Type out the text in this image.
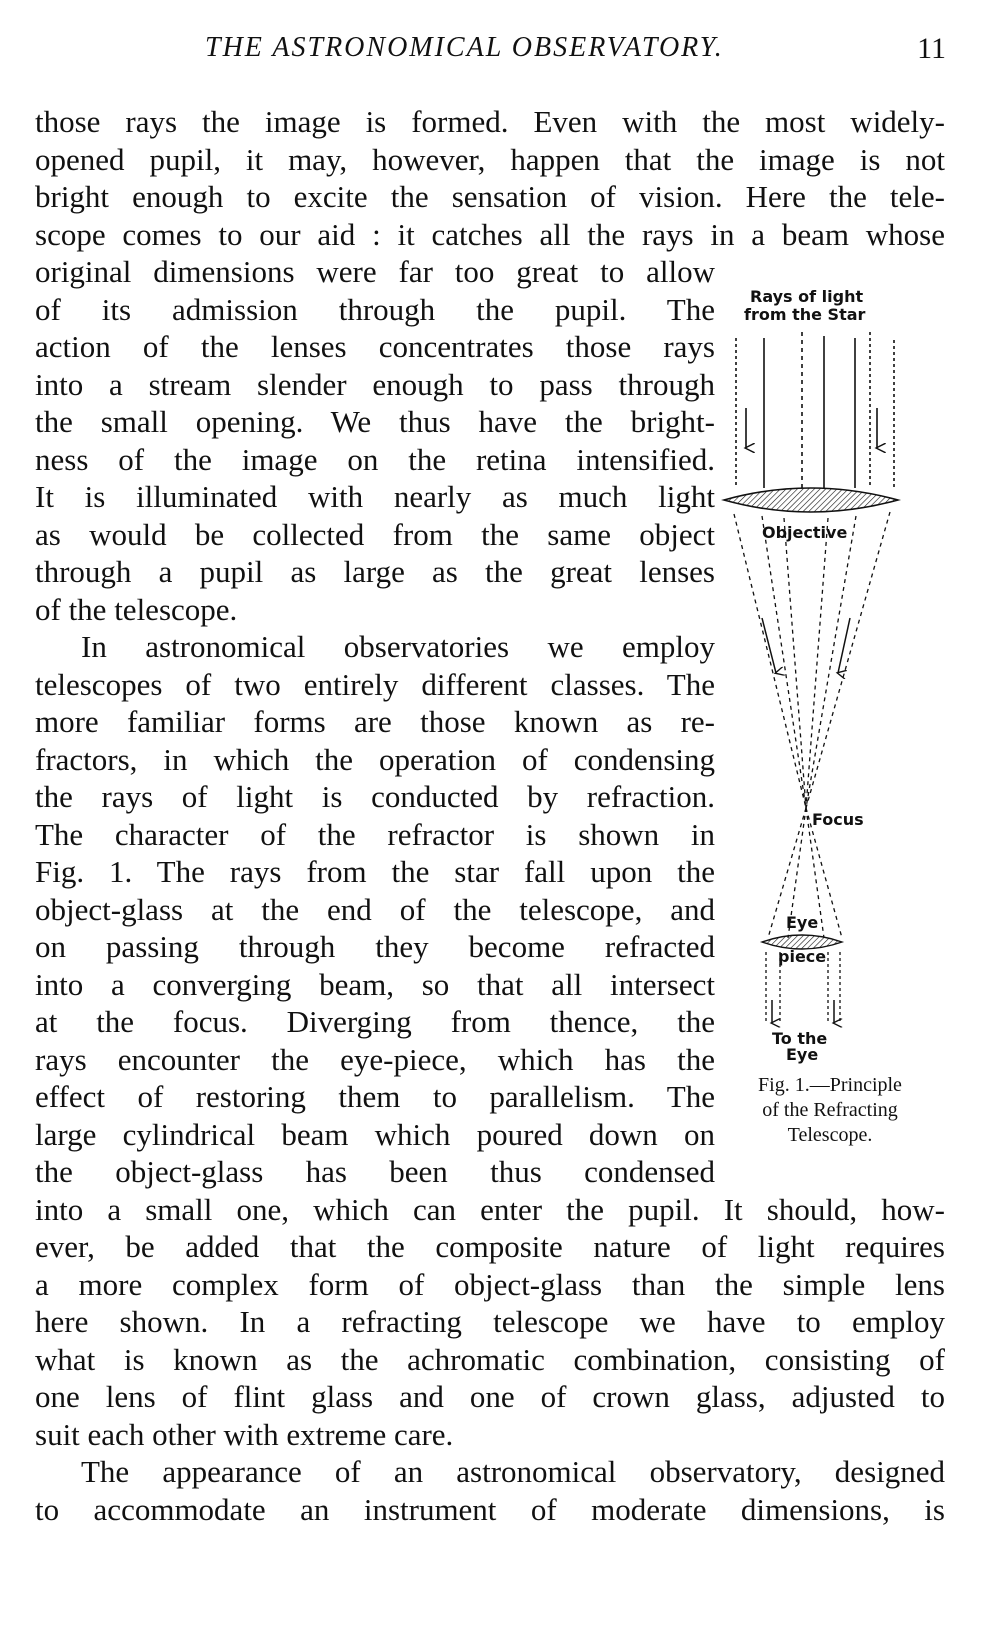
THE ASTRONOMICAL OBSERVATORY.	11
those rays the image is formed. Even with the most widely-
opened pupil, it may, however, happen that the image is not
bright enough to excite the sensation of vision. Here the tele-
scope comes to our aid : it catches all the rays in a beam whose
original dimensions were far too great to allow
of its admission through the pupil. The
action of the lenses concentrates those rays
into a stream slender enough to pass through
the small opening. We thus have the bright-
ness of the image on the retina intensified.
It is illuminated with nearly as much light
as would be collected from the same object
through a pupil as large as the great lenses
of the telescope.
In astronomical observatories we employ
telescopes of two entirely different classes. The
more familiar forms are those known as re-
fractors, in which the operation of condensing
the rays of light is conducted by refraction.
The character of the refractor is shown in
Fig. 1. The rays from the star fall upon the
object-glass at the end of the telescope, and
on passing through they become refracted
into a converging beam, so that all intersect
at the focus. Diverging from thence, the
rays encounter the eye-piece, which has the
effect of restoring them to parallelism. The
large cylindrical beam which poured down on
the object-glass has been thus condensed
into a small one, which can enter the pupil. It should, how-
ever, be added that the composite nature of light requires
a more complex form of object-glass than the simple lens
here shown. In a refracting telescope we have to employ
what is known as the achromatic combination, consisting of
one lens of flint glass and one of crown glass, adjusted to
suit each other with extreme care.
The appearance of an astronomical observatory, designed
to accommodate an instrument of moderate dimensions, is
Rays of light
from the Star
Objective
Focus
Eye
piece
To the
Eye
Fig. 1.—Principle
of the Refracting
Telescope.
